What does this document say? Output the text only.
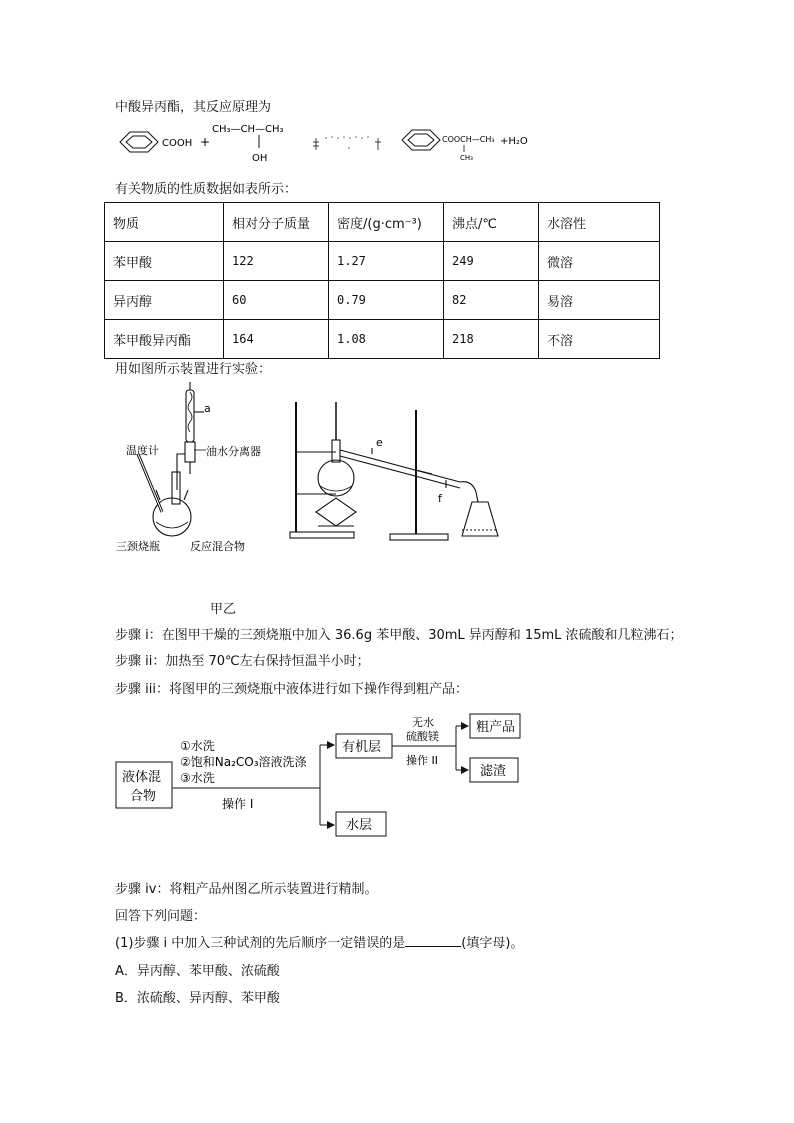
中酸异丙酯，其反应原理为
COOH +
CH₃—CH—CH₃
OH
COOCH—CH₃
CH₃
+H₂O
有关物质的性质数据如表所示：
物质	相对分子质量	密度/(g·cm⁻³)	沸点/℃	水溶性
苯甲酸	122	1.27	249	微溶
异丙醇	60	0.79	82	易溶
苯甲酸异丙酯	164	1.08	218	不溶
用如图所示装置进行实验：
a
油水分离器
温度计
三颈烧瓶	反应混合物
e
f
甲乙
步骤 i：在图甲干燥的三颈烧瓶中加入 36.6g 苯甲酸、30mL 异丙醇和 15mL 浓硫酸和几粒沸石；
步骤 ii：加热至 70℃左右保持恒温半小时；
步骤 iii：将图甲的三颈烧瓶中液体进行如下操作得到粗产品：
液体混
合物
①水洗
②饱和Na₂CO₃溶液洗涤
③水洗
操作 I
有机层
水层
无水
硫酸镁
操作 II
粗产品
滤渣
步骤 iv：将粗产品州图乙所示装置进行精制。
回答下列问题：
(1)步骤 i 中加入三种试剂的先后顺序一定错误的是	(填字母)。
A．异丙醇、苯甲酸、浓硫酸
B．浓硫酸、异丙醇、苯甲酸
